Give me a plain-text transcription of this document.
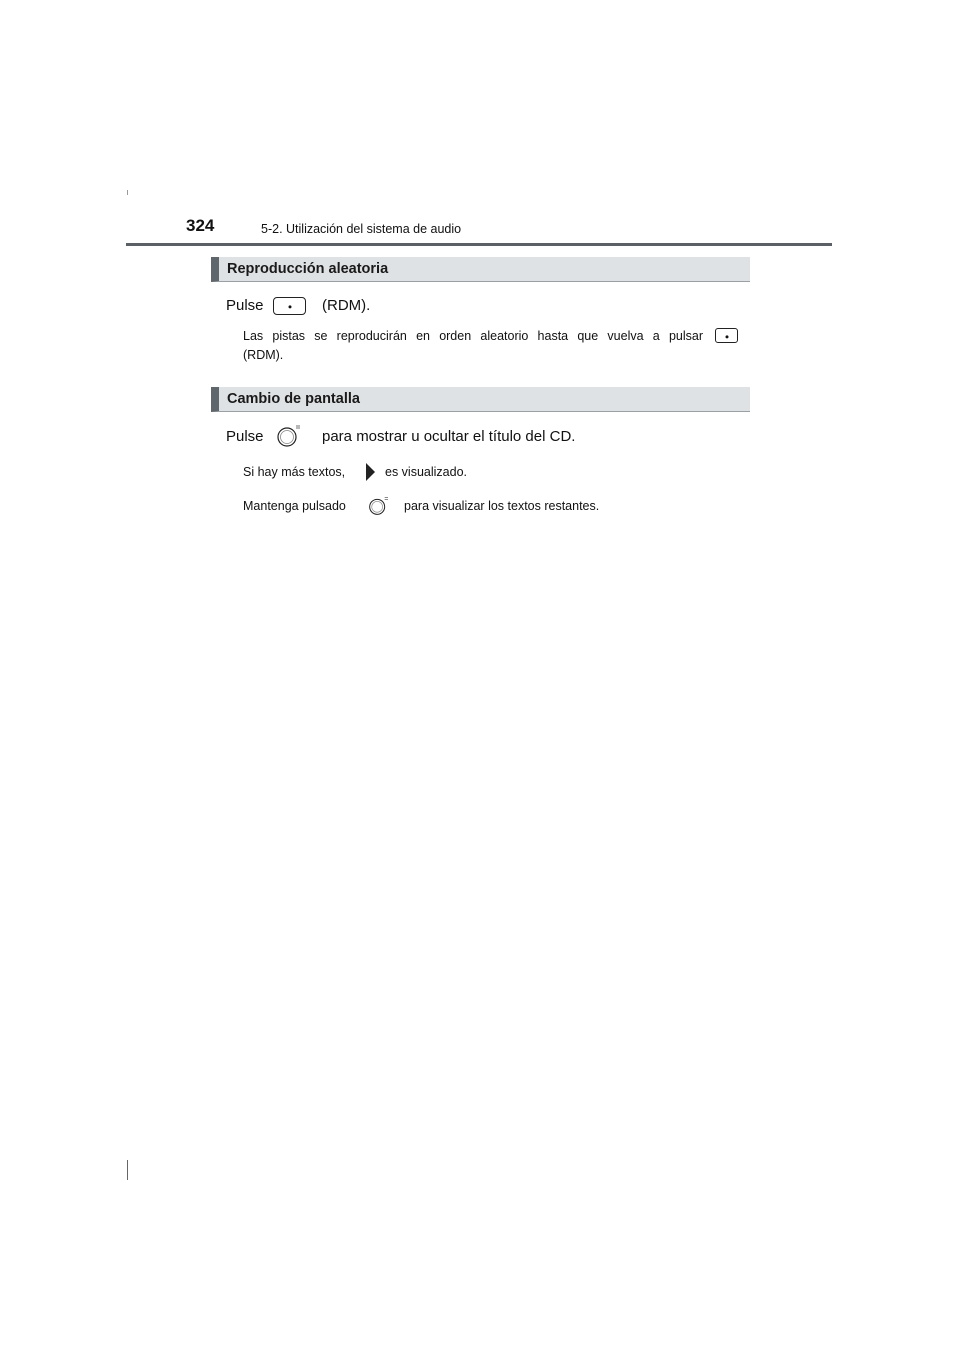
324	5-2. Utilización del sistema de audio
Reproducción aleatoria
Pulse	(RDM).
Las pistas se reproducirán en orden aleatorio hasta que vuelva a pulsar
(RDM).
Cambio de pantalla
Pulse	para mostrar u ocultar el título del CD.
Si hay más textos,	es visualizado.
Mantenga pulsado	para visualizar los textos restantes.
